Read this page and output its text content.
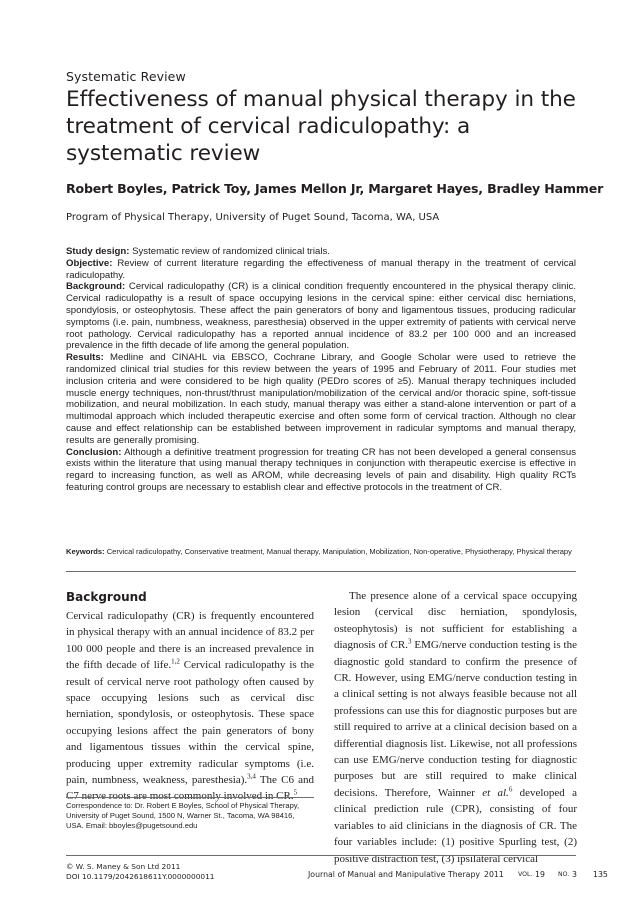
Systematic Review
Effectiveness of manual physical therapy in the treatment of cervical radiculopathy: a systematic review
Robert Boyles, Patrick Toy, James Mellon Jr, Margaret Hayes, Bradley Hammer
Program of Physical Therapy, University of Puget Sound, Tacoma, WA, USA

Study design: Systematic review of randomized clinical trials.

Objective: Review of current literature regarding the effectiveness of manual therapy in the treatment of cervical radiculopathy.

Background: Cervical radiculopathy (CR) is a clinical condition frequently encountered in the physical therapy clinic. Cervical radiculopathy is a result of space occupying lesions in the cervical spine: either cervical disc herniations, spondylosis, or osteophytosis. These affect the pain generators of bony and ligamentous tissues, producing radicular symptoms (i.e. pain, numbness, weakness, paresthesia) observed in the upper extremity of patients with cervical nerve root pathology. Cervical radiculopathy has a reported annual incidence of 83.2 per 100 000 and an increased prevalence in the fifth decade of life among the general population.

Results: Medline and CINAHL via EBSCO, Cochrane Library, and Google Scholar were used to retrieve the randomized clinical trial studies for this review between the years of 1995 and February of 2011. Four studies met inclusion criteria and were considered to be high quality (PEDro scores of ≥5). Manual therapy techniques included muscle energy techniques, non-thrust/thrust manipulation/mobilization of the cervical and/or thoracic spine, soft-tissue mobilization, and neural mobilization. In each study, manual therapy was either a stand-alone intervention or part of a multimodal approach which included therapeutic exercise and often some form of cervical traction. Although no clear cause and effect relationship can be established between improvement in radicular symptoms and manual therapy, results are generally promising.

Conclusion: Although a definitive treatment progression for treating CR has not been developed a general consensus exists within the literature that using manual therapy techniques in conjunction with therapeutic exercise is effective in regard to increasing function, as well as AROM, while decreasing levels of pain and disability. High quality RCTs featuring control groups are necessary to establish clear and effective protocols in the treatment of CR.

Keywords: Cervical radiculopathy, Conservative treatment, Manual therapy, Manipulation, Mobilization, Non-operative, Physiotherapy, Physical therapy
Background

Cervical radiculopathy (CR) is frequently encountered in physical therapy with an annual incidence of 83.2 per 100 000 people and there is an increased prevalence in the fifth decade of life.$^{1,2}$ Cervical radiculopathy is the result of cervical nerve root pathology often caused by space occupying lesions such as cervical disc herniation, spondylosis, or osteophytosis. These space occupying lesions affect the pain generators of bony and ligamentous tissues within the cervical spine, producing upper extremity radicular symptoms (i.e. pain, numbness, weakness, paresthesia).$^{3,4}$ The C6 and C7 nerve roots are most commonly involved in CR.$^5$

The presence alone of a cervical space occupying lesion (cervical disc herniation, spondylosis, osteophytosis) is not sufficient for establishing a diagnosis of CR.$^3$ EMG/nerve conduction testing is the diagnostic gold standard to confirm the presence of CR. However, using EMG/nerve conduction testing in a clinical setting is not always feasible because not all professions can use this for diagnostic purposes but are still required to arrive at a clinical decision based on a differential diagnosis list. Likewise, not all professions can use EMG/nerve conduction testing for diagnostic purposes but are still required to make clinical decisions. Therefore, Wainner et al.$^6$ developed a clinical prediction rule (CPR), consisting of four variables to aid clinicians in the diagnosis of CR. The four variables include: (1) positive Spurling test, (2) positive distraction test, (3) ipsilateral cervical

Correspondence to: Dr. Robert E Boyles, School of Physical Therapy, University of Puget Sound, 1500 N, Warner St., Tacoma, WA 98416, USA. Email: bboyles@pugetsound.edu
© W. S. Maney & Son Ltd 2011
DOI 10.1179/2042618611Y.0000000011	Journal of Manual and Manipulative Therapy 2011 VOL. 19 NO. 3 135
